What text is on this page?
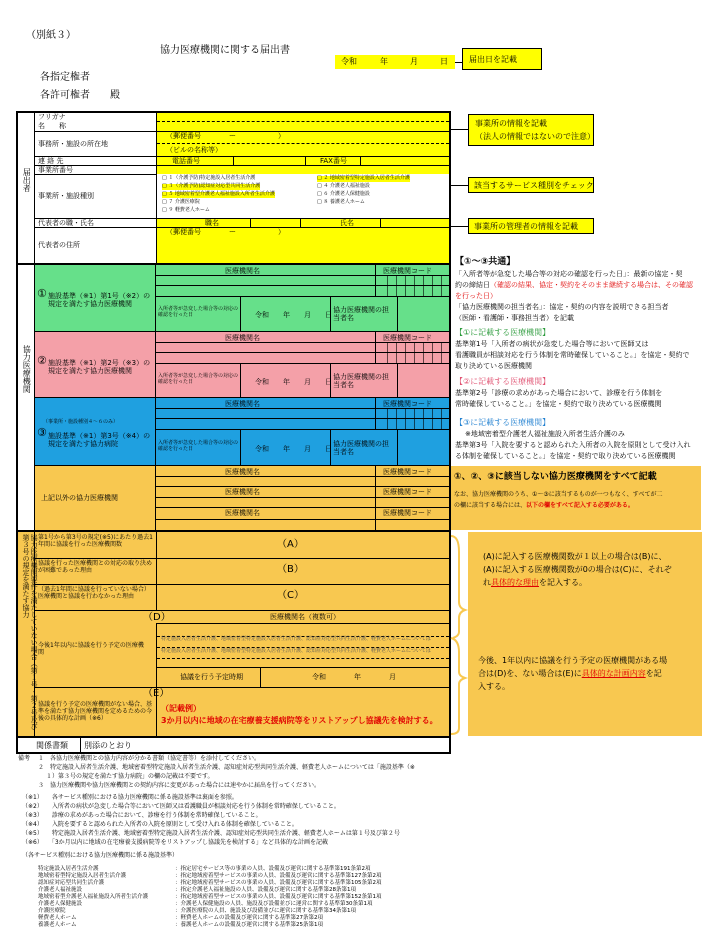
（別紙３）
協力医療機関に関する届出書
令和	年	月	日	届出日を記載
各指定権者
各許可権者　　殿
届出者
フリガナ
名　　称
（郵便番号　　　　ー　　　　　　）
事務所・施設の所在地
（ビルの名称等）
連 絡 先	電話番号	FAX番号
事業所番号
事業所・施設種別
□ １（介護予防)特定施設入居者生活介護	□ ２ 地域密着型特定施設入居者生活介護
□ ３（介護予防)認知症対応型共同生活介護	□ ４ 介護老人福祉施設
□ ５ 地域密着型介護老人福祉施設入所者生活介護	□ ６ 介護老人保健施設
□ ７ 介護医療院	□ ８ 養護老人ホーム
□ ９ 軽費老人ホーム
代表者の職・氏名	職名	氏名
（郵便番号　　　　ー　　　　　　）
代表者の住所
事業所の情報を記載
（法人の情報ではないので注意）
該当するサービス種別をチェック
事業所の管理者の情報を記載
協力医療機関
医療機関名	医療機関コード
① 施設基準（※1）第1号（※2）の規定を満たす協力医療機関
入所者等が急変した場合等の対応の確認を行った日	令和　　年　　月　　日
協力医療機関の担当者名
医療機関名	医療機関コード
② 施設基準（※1）第2号（※3）の規定を満たす協力医療機関
入所者等が急変した場合等の対応の確認を行った日	令和　　年　　月　　日
協力医療機関の担当者名
医療機関名	医療機関コード
（事業所・施設種別４～６のみ）
③ 施設基準（※1）第3号（※4）の規定を満たす協力病院	入所者等が急変した場合等の対応の確認を行った日	令和　　年　　月　　日
協力医療機関の担当者名
医療機関名	医療機関コード
医療機関名	医療機関コード
医療機関名	医療機関コード
上記以外の協力医療機関
協力医療機関要件を満たしていない場合（第１号・第２号及び第３号の規定を満たす協力	第1号から第3号の規定(※5)にあたり過去1年間に協議を行った医療機関数	（A）
協議を行った医療機関との対応の取り決めが困難であった理由	（B）
（過去1年間に協議を行っていない場合）医療機関と協議を行わなかった理由	（C）
（D）	医療機関名（複数可）
今後1年以内に協議を行う予定の医療機関
特定施設入居者生活介護、地域密着型特定施設入居者生活介護、認知症対応型共同生活介護、軽費老人ホームについては
特定施設入居者生活介護、地域密着型特定施設入居者生活介護、認知症対応型共同生活介護、軽費老人ホームについては
協議を行う予定時期	令和　　　　年　　　　月
（E）
協議を行う予定の医療機関がない場合、基準を満たす協力医療機関を定めるための今後の具体的な計画（※6）
（記載例）
3か月以内に地域の在宅療養支援病院等をリストアップし協議先を検討する。
関係書類 別添のとおり
【①～③共通】
「入所者等が急変した場合等の対応の確認を行った日」：最新の協定・契
約の締結日（確認の結果、協定・契約をそのまま継続する場合は、その確認
を行った日）
「協力医療機関の担当者名」：協定・契約の内容を説明できる担当者
（医師・看護師・事務担当者）を記載
【①に記載する医療機関】
基準第1号「入所者の病状が急変した場合等において医師又は
看護職員が相談対応を行う体制を常時確保していること。」を協定・契約で
取り決めている医療機関
【②に記載する医療機関】
基準第2号「診療の求めがあった場合において、診療を行う体制を
常時確保していること。」を協定・契約で取り決めている医療機関
【③に記載する医療機関】
※地域密着型介護老人福祉施設入所者生活介護のみ
基準第3号「入院を要すると認められた入所者の入院を原則として受け入れ
る体制を確保していること。」を協定・契約で取り決めている医療機関
①、②、③に該当しない協力医療機関をすべて記載
なお、協力医療機関のうち、①～③に該当するものが一つもなく、すべてが二
の欄に該当する場合には、以下の欄をすべて記入する必要がある。
(A)に記入する医療機関数が１以上の場合は(B)に、
(A)に記入する医療機関数が0の場合は(C)に、それぞ
れ具体的な理由を記入する。
今後、1年以内に協議を行う予定の医療機関がある場
合は(D)を、ない場合は(E)に具体的な計画内容を記
入する。
備考 １　各協力医療機関との協力内容が分かる書類（協定書等）を添付してください。
２　特定施設入居者生活介護、地域密着型特定施設入居者生活介護、認知症対応型共同生活介護、軽費老人ホームについては「施設基準（※
１）第３号の規定を満たす協力病院」の欄の記載は不要です。
３　協力医療機関や協力医療機関との契約内容に変更があった場合には速やかに届出を行ってください。
（※1）　　各サービス種別における協力医療機関に係る施設基準は裏面を参照。
（※2）　　入所者の病状が急変した場合等において医師又は看護職員が相談対応を行う体制を常時確保していること。
（※3）　　診療の求めがあった場合において、診療を行う体制を常時確保していること。
（※4）　　入院を要すると認められた入所者の入院を原則として受け入れる体制を確保していること。
（※5）　　特定施設入居者生活介護、地域密着型特定施設入居者生活介護、認知症対応型共同生活介護、軽費老人ホームは第１号及び第２号
（※6）　　「3か月以内に地域の在宅療養支援病院等をリストアップし協議先を検討する」など具体的な計画を記載
（各サービス種別における協力医療機関に係る施設基準）
特定施設入居者生活介護	：指定居宅サービス等の事業の人員、設備及び運営に関する基準第191条第2項
地域密着型特定施設入居者生活介護	：指定地域密着型サービスの事業の人員、設備及び運営に関する基準第127条第2項
認知症対応型共同生活介護	：指定地域密着型サービスの事業の人員、設備及び運営に関する基準第105条第2項
介護老人福祉施設	：指定介護老人福祉施設の人員、設備及び運営に関する基準第28条第1項
地域密着型介護老人福祉施設入所者生活介護	：指定地域密着型サービスの事業の人員、設備及び運営に関する基準第152条第1項
介護老人保健施設	：介護老人保健施設の人員、施設及び設備並びに運営に関する基準第30条第1項
介護医療院	：介護医療院の人員、施設及び設備並びに運営に関する基準第34条第1項
軽費老人ホーム	：軽費老人ホームの設備及び運営に関する基準第27条第2項
養護老人ホーム	：養護老人ホームの設備及び運営に関する基準第25条第1項
